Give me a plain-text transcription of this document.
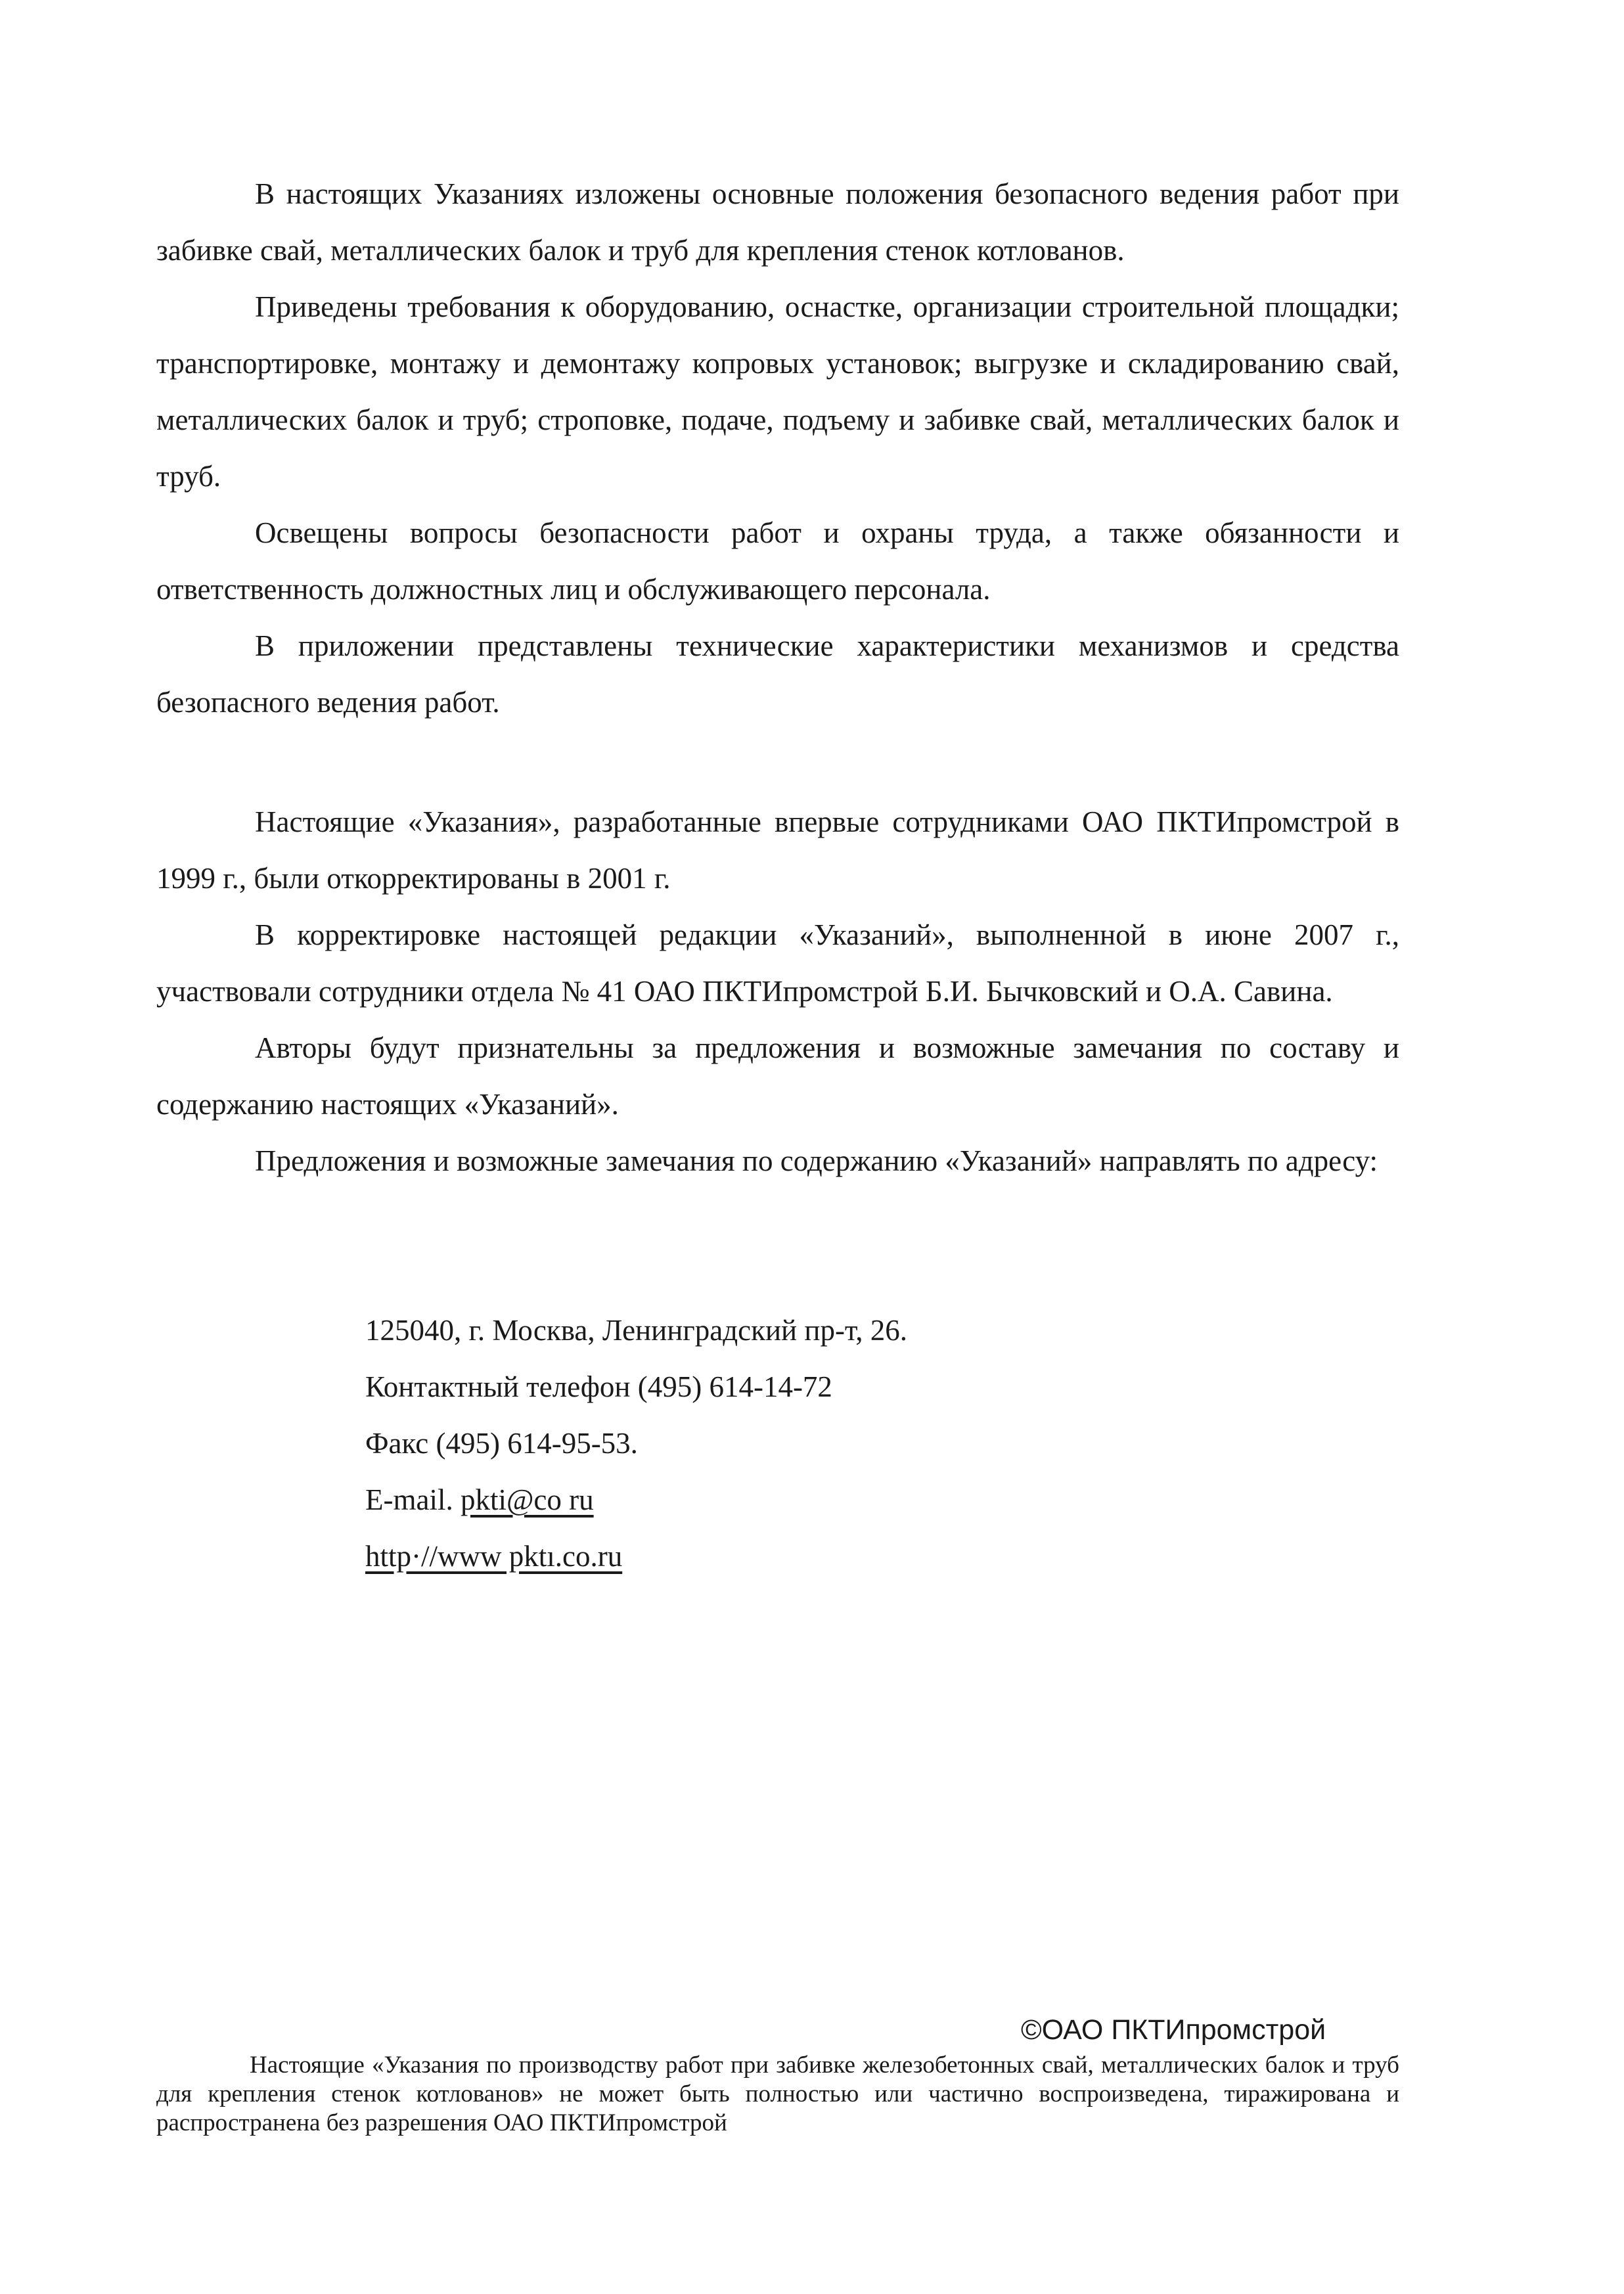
В настоящих Указаниях изложены основные положения безопасного ведения работ при забивке свай, металлических балок и труб для крепления стенок котлованов.

Приведены требования к оборудованию, оснастке, организации строительной площадки; транспортировке, монтажу и демонтажу копровых установок; выгрузке и складированию свай, металлических балок и труб; строповке, подаче, подъему и забивке свай, металлических балок и труб.

Освещены вопросы безопасности работ и охраны труда, а также обязанности и ответственность должностных лиц и обслуживающего персонала.

В приложении представлены технические характеристики механизмов и средства безопасного ведения работ.

Настоящие «Указания», разработанные впервые сотрудниками ОАО ПКТИпромстрой в 1999 г., были откорректированы в 2001 г.

В корректировке настоящей редакции «Указаний», выполненной в июне 2007 г., участвовали сотрудники отдела № 41 ОАО ПКТИпромстрой Б.И. Бычковский и О.А. Савина.

Авторы будут признательны за предложения и возможные замечания по составу и содержанию настоящих «Указаний».

Предложения и возможные замечания по содержанию «Указаний» направлять по адресу:

125040, г. Москва, Ленинградский пр-т, 26.
Контактный телефон (495) 614-14-72
Факс (495) 614-95-53.
E-mail. pkti@co ru
http·//www pktı.co.ru
©ОАО ПКТИпромстрой

Настоящие «Указания по производству работ при забивке железобетонных свай, металлических балок и труб для крепления стенок котлованов» не может быть полностью или частично воспроизведена, тиражирована и распространена без разрешения ОАО ПКТИпромстрой
